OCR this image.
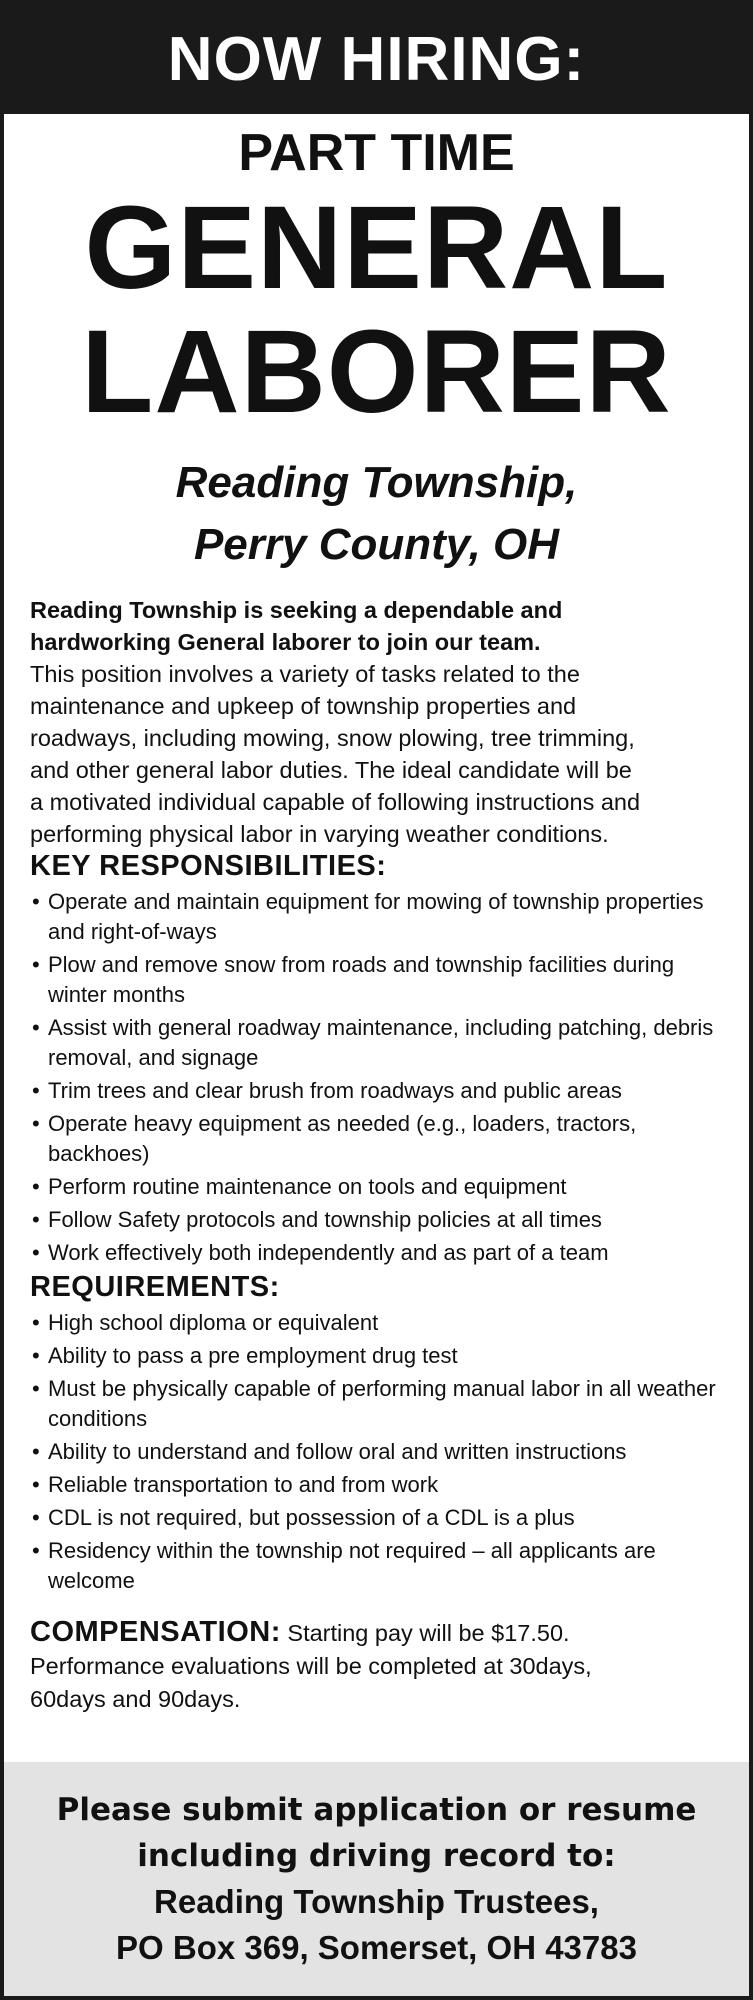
NOW HIRING:
PART TIME
GENERAL
LABORER
Reading Township,
Perry County, OH
Reading Township is seeking a dependable and
hardworking General laborer to join our team.
This position involves a variety of tasks related to the
maintenance and upkeep of township properties and
roadways, including mowing, snow plowing, tree trimming,
and other general labor duties. The ideal candidate will be
a motivated individual capable of following instructions and
performing physical labor in varying weather conditions.
KEY RESPONSIBILITIES:
• Operate and maintain equipment for mowing of township properties and right-of-ways
• Plow and remove snow from roads and township facilities during winter months
• Assist with general roadway maintenance, including patching, debris removal, and signage
• Trim trees and clear brush from roadways and public areas
• Operate heavy equipment as needed (e.g., loaders, tractors, backhoes)
• Perform routine maintenance on tools and equipment
• Follow Safety protocols and township policies at all times
• Work effectively both independently and as part of a team
REQUIREMENTS:
• High school diploma or equivalent
• Ability to pass a pre employment drug test
• Must be physically capable of performing manual labor in all weather conditions
• Ability to understand and follow oral and written instructions
• Reliable transportation to and from work
• CDL is not required, but possession of a CDL is a plus
• Residency within the township not required – all applicants are welcome
COMPENSATION: Starting pay will be $17.50.
Performance evaluations will be completed at 30days,
60days and 90days.
Please submit application or resume
including driving record to:
Reading Township Trustees,
PO Box 369, Somerset, OH 43783
